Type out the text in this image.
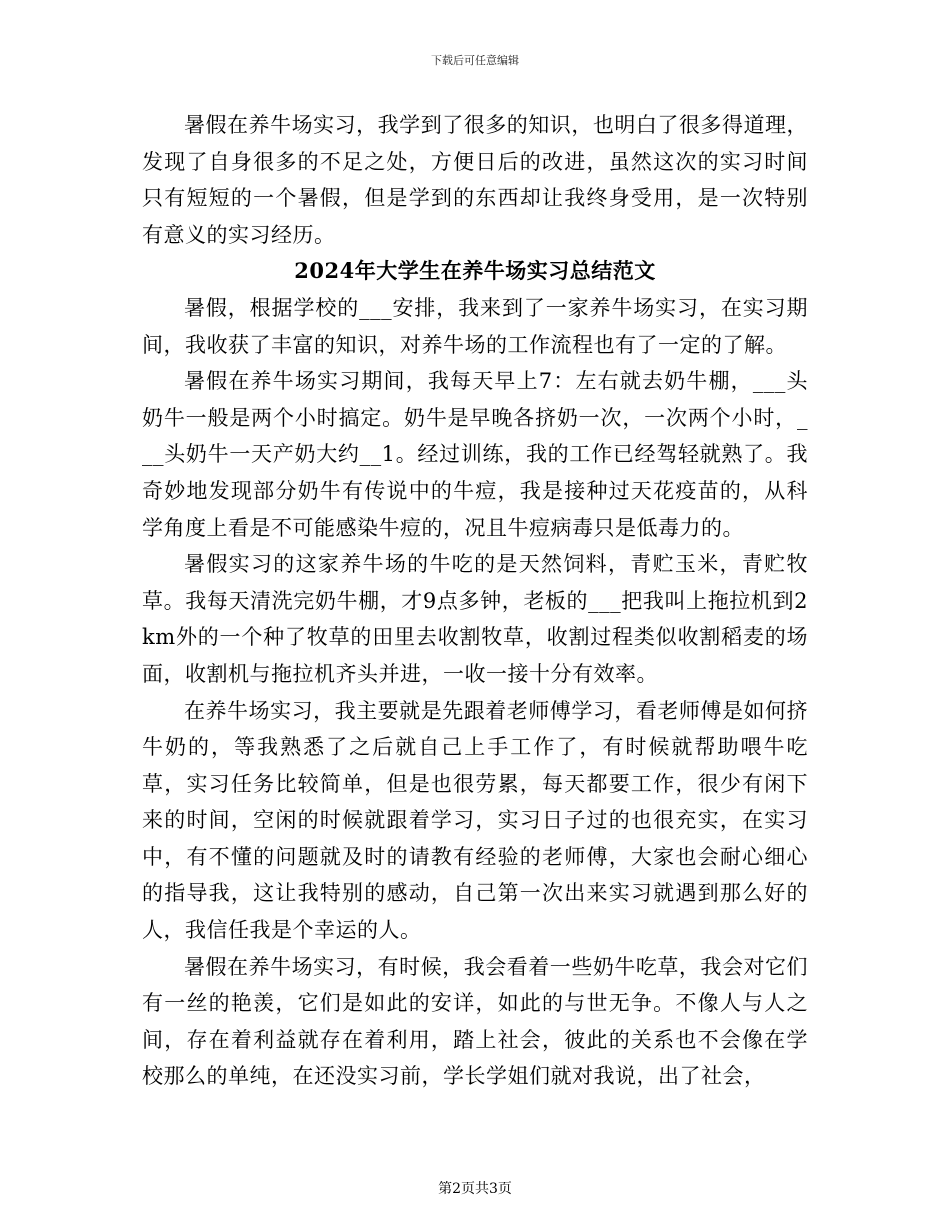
下载后可任意编辑

暑假在养牛场实习，我学到了很多的知识，也明白了很多得道理，发现了自身很多的不足之处，方便日后的改进，虽然这次的实习时间只有短短的一个暑假，但是学到的东西却让我终身受用，是一次特别有意义的实习经历。

2024年大学生在养牛场实习总结范文

暑假，根据学校的___安排，我来到了一家养牛场实习，在实习期间，我收获了丰富的知识，对养牛场的工作流程也有了一定的了解。

暑假在养牛场实习期间，我每天早上7：左右就去奶牛棚，___头奶牛一般是两个小时搞定。奶牛是早晚各挤奶一次，一次两个小时，___头奶牛一天产奶大约__1。经过训练，我的工作已经驾轻就熟了。我奇妙地发现部分奶牛有传说中的牛痘，我是接种过天花疫苗的，从科学角度上看是不可能感染牛痘的，况且牛痘病毒只是低毒力的。

暑假实习的这家养牛场的牛吃的是天然饲料，青贮玉米，青贮牧草。我每天清洗完奶牛棚，才9点多钟，老板的___把我叫上拖拉机到2km外的一个种了牧草的田里去收割牧草，收割过程类似收割稻麦的场面，收割机与拖拉机齐头并进，一收一接十分有效率。

在养牛场实习，我主要就是先跟着老师傅学习，看老师傅是如何挤牛奶的，等我熟悉了之后就自己上手工作了，有时候就帮助喂牛吃草，实习任务比较简单，但是也很劳累，每天都要工作，很少有闲下来的时间，空闲的时候就跟着学习，实习日子过的也很充实，在实习中，有不懂的问题就及时的请教有经验的老师傅，大家也会耐心细心的指导我，这让我特别的感动，自己第一次出来实习就遇到那么好的人，我信任我是个幸运的人。

暑假在养牛场实习，有时候，我会看着一些奶牛吃草，我会对它们有一丝的艳羡，它们是如此的安详，如此的与世无争。不像人与人之间，存在着利益就存在着利用，踏上社会，彼此的关系也不会像在学校那么的单纯，在还没实习前，学长学姐们就对我说，出了社会，

第2页共3页
